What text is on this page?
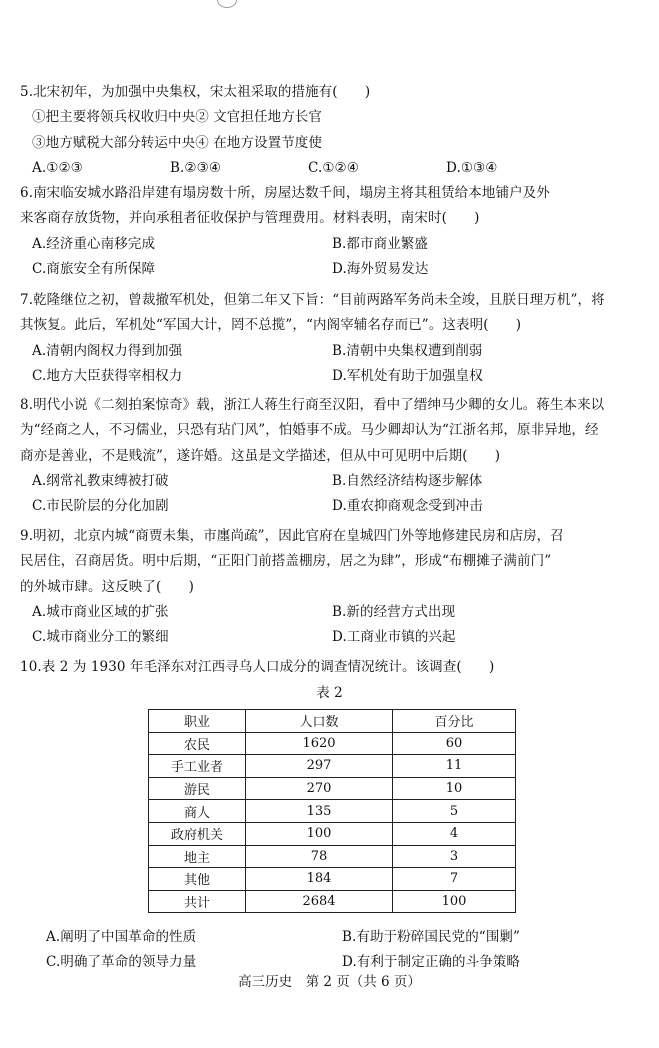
5.北宋初年，为加强中央集权，宋太祖采取的措施有(　　)

①把主要将领兵权收归中央② 文官担任地方长官

③地方赋税大部分转运中央④ 在地方设置节度使

A.①②③	B.②③④	C.①②④	D.①③④

6.南宋临安城水路沿岸建有塌房数十所，房屋达数千间，塌房主将其租赁给本地铺户及外

来客商存放货物，并向承租者征收保护与管理费用。材料表明，南宋时(　　)

A.经济重心南移完成	B.都市商业繁盛
C.商旅安全有所保障	D.海外贸易发达

7.乾隆继位之初，曾裁撤军机处，但第二年又下旨：“目前两路军务尚未全竣，且朕日理万机”，将

其恢复。此后，军机处“军国大计，罔不总揽”，“内阁宰辅名存而已”。这表明(　　)

A.清朝内阁权力得到加强	B.清朝中央集权遭到削弱
C.地方大臣获得宰相权力	D.军机处有助于加强皇权

8.明代小说《二刻拍案惊奇》载，浙江人蒋生行商至汉阳，看中了缙绅马少卿的女儿。蒋生本来以

为“经商之人，不习儒业，只恐有玷门风”，怕婚事不成。马少卿却认为“江浙名邦，原非异地，经

商亦是善业，不是贱流”，遂许婚。这虽是文学描述，但从中可见明中后期(　　)

A.纲常礼教束缚被打破	B.自然经济结构逐步解体
C.市民阶层的分化加剧	D.重农抑商观念受到冲击

9.明初，北京内城“商贾未集，市廛尚疏”，因此官府在皇城四门外等地修建民房和店房，召

民居住，召商居货。明中后期，“正阳门前搭盖棚房，居之为肆”，形成“布棚摊子满前门”

的外城市肆。这反映了(　　)

A.城市商业区域的扩张	B.新的经营方式出现
C.城市商业分工的繁细	D.工商业市镇的兴起

10.表 2 为 1930 年毛泽东对江西寻乌人口成分的调查情况统计。该调查(　　)

表 2
职业	人口数	百分比
农民	1620	60
手工业者	297	11
游民	270	10
商人	135	5
政府机关	100	4
地主	78	3
其他	184	7
共计	2684	100
A.阐明了中国革命的性质	B.有助于粉碎国民党的“围剿”
C.明确了革命的领导力量	D.有利于制定正确的斗争策略
高三历史　第 2 页（共 6 页）
